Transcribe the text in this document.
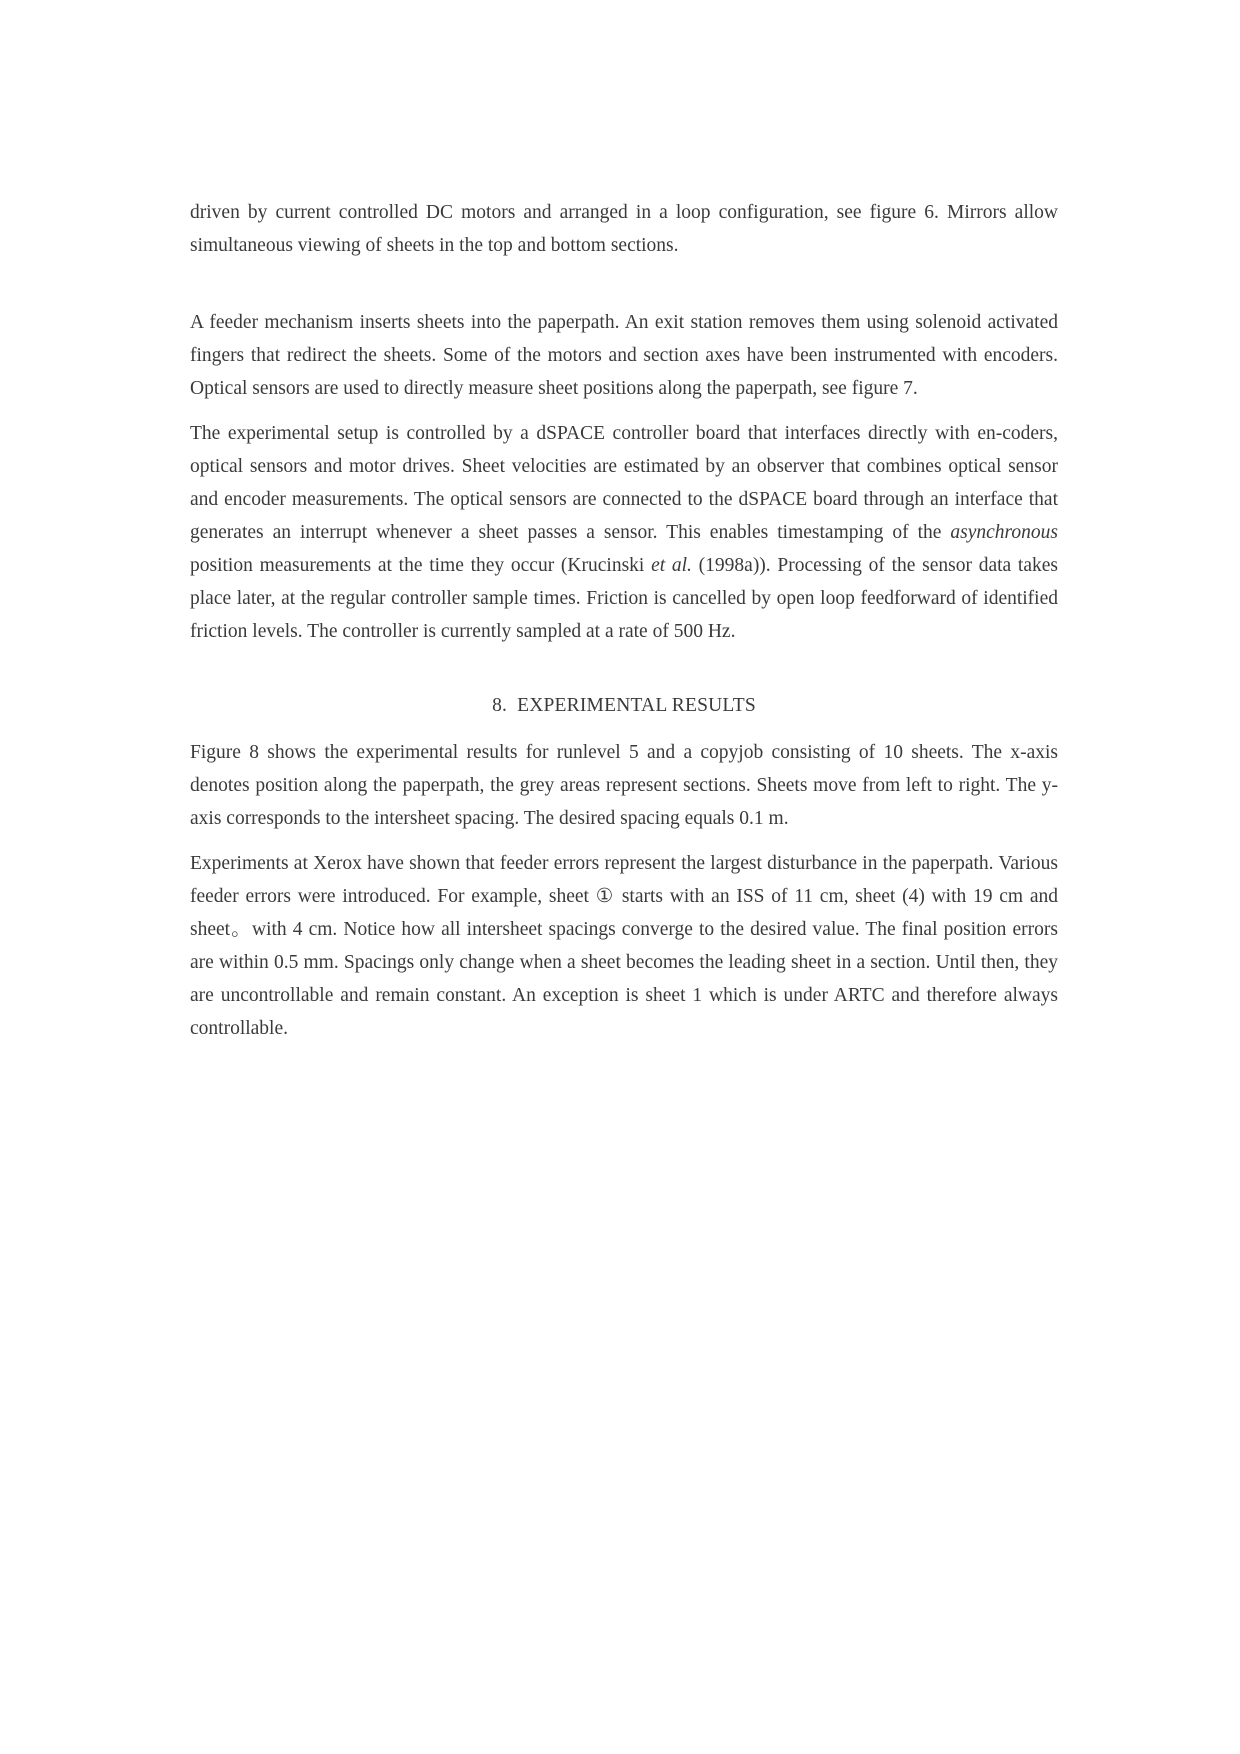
driven by current controlled DC motors and arranged in a loop configuration, see figure 6. Mirrors allow simultaneous viewing of sheets in the top and bottom sections.

A feeder mechanism inserts sheets into the paperpath. An exit station removes them using solenoid activated fingers that redirect the sheets. Some of the motors and section axes have been instrumented with encoders. Optical sensors are used to directly measure sheet positions along the paperpath, see figure 7.

The experimental setup is controlled by a dSPACE controller board that interfaces directly with en-coders, optical sensors and motor drives. Sheet velocities are estimated by an observer that combines optical sensor and encoder measurements. The optical sensors are connected to the dSPACE board through an interface that generates an interrupt whenever a sheet passes a sensor. This enables timestamping of the asynchronous position measurements at the time they occur (Krucinski et al. (1998a)). Processing of the sensor data takes place later, at the regular controller sample times. Friction is cancelled by open loop feedforward of identified friction levels. The controller is currently sampled at a rate of 500 Hz.

8. EXPERIMENTAL RESULTS

Figure 8 shows the experimental results for runlevel 5 and a copyjob consisting of 10 sheets. The x-axis denotes position along the paperpath, the grey areas represent sections. Sheets move from left to right. The y-axis corresponds to the intersheet spacing. The desired spacing equals 0.1 m.

Experiments at Xerox have shown that feeder errors represent the largest disturbance in the paperpath. Various feeder errors were introduced. For example, sheet ① starts with an ISS of 11 cm, sheet (4) with 19 cm and sheet。with 4 cm. Notice how all intersheet spacings converge to the desired value. The final position errors are within 0.5 mm. Spacings only change when a sheet becomes the leading sheet in a section. Until then, they are uncontrollable and remain constant. An exception is sheet 1 which is under ARTC and therefore always controllable.
